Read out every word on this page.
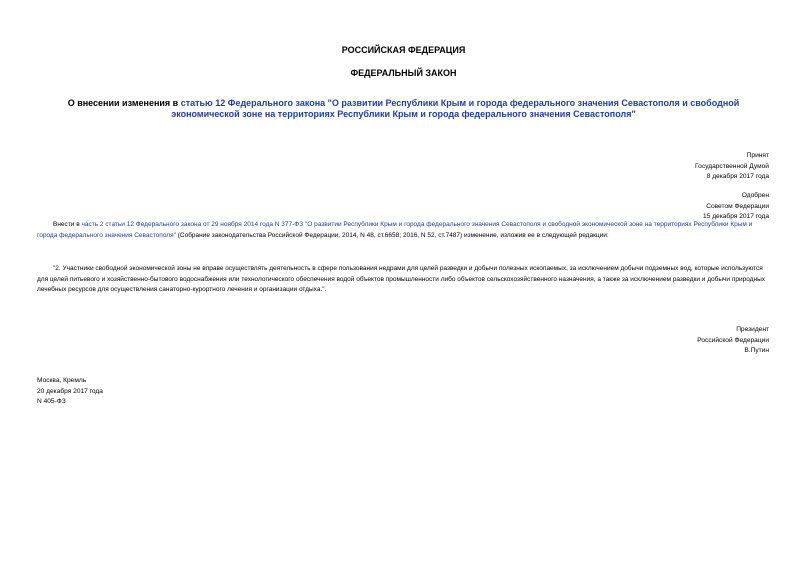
РОССИЙСКАЯ ФЕДЕРАЦИЯ
ФЕДЕРАЛЬНЫЙ ЗАКОН
О внесении изменения в статью 12 Федерального закона "О развитии Республики Крым и города федерального значения Севастополя и свободной экономической зоне на территориях Республики Крым и города федерального значения Севастополя"
Принят
Государственной Думой
8 декабря 2017 года
Одобрен
Советом Федерации
15 декабря 2017 года
Внести в часть 2 статьи 12 Федерального закона от 29 ноября 2014 года N 377-ФЗ "О развитии Республики Крым и города федерального значения Севастополя и свободной экономической зоне на территориях Республики Крым и города федерального значения Севастополя" (Собрание законодательства Российской Федерации, 2014, N 48, ст.6658; 2016, N 52, ст.7487) изменение, изложив ее в следующей редакции:
"2. Участники свободной экономической зоны не вправе осуществлять деятельность в сфере пользования недрами для целей разведки и добычи полезных ископаемых, за исключением добычи подземных вод, которые используются для целей питьевого и хозяйственно-бытового водоснабжения или технологического обеспечения водой объектов промышленности либо объектов сельскохозяйственного назначения, а также за исключением разведки и добычи природных лечебных ресурсов для осуществления санаторно-курортного лечения и организации отдыха.".
Президент
Российской Федерации
В.Путин
Москва, Кремль
20 декабря 2017 года
N 405-ФЗ
